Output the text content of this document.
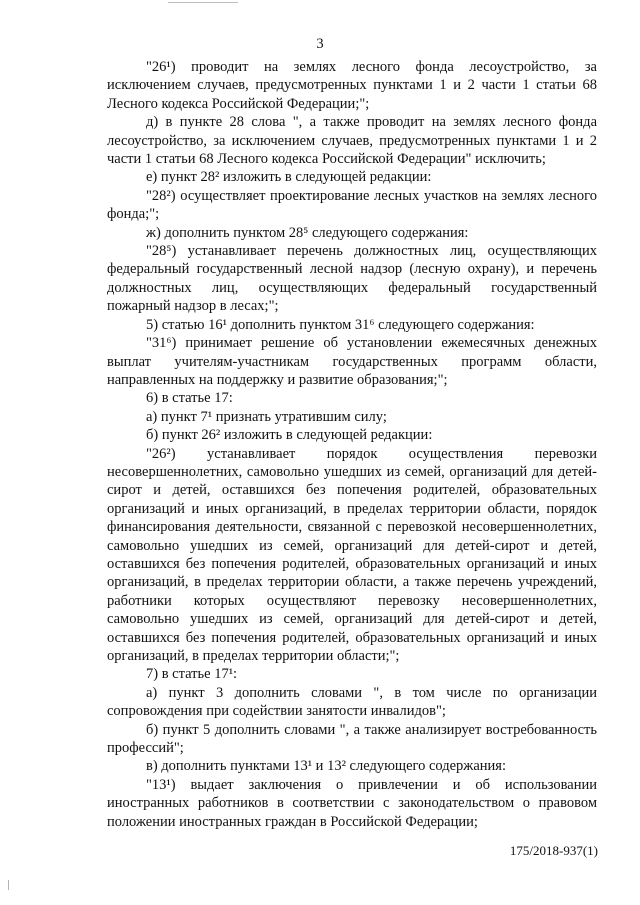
3

"26¹) проводит на землях лесного фонда лесоустройство, за исключением случаев, предусмотренных пунктами 1 и 2 части 1 статьи 68 Лесного кодекса Российской Федерации;";

д) в пункте 28 слова ", а также проводит на землях лесного фонда лесоустройство, за исключением случаев, предусмотренных пунктами 1 и 2 части 1 статьи 68 Лесного кодекса Российской Федерации" исключить;

е) пункт 28² изложить в следующей редакции:

"28²) осуществляет проектирование лесных участков на землях лесного фонда;";

ж) дополнить пунктом 28⁵ следующего содержания:

"28⁵) устанавливает перечень должностных лиц, осуществляющих федеральный государственный лесной надзор (лесную охрану), и перечень должностных лиц, осуществляющих федеральный государственный пожарный надзор в лесах;";

5) статью 16¹ дополнить пунктом 31⁶ следующего содержания:

"31⁶) принимает решение об установлении ежемесячных денежных выплат учителям-участникам государственных программ области, направленных на поддержку и развитие образования;";

6) в статье 17:

а) пункт 7¹ признать утратившим силу;

б) пункт 26² изложить в следующей редакции:

"26²) устанавливает порядок осуществления перевозки несовершеннолетних, самовольно ушедших из семей, организаций для детей-сирот и детей, оставшихся без попечения родителей, образовательных организаций и иных организаций, в пределах территории области, порядок финансирования деятельности, связанной с перевозкой несовершеннолетних, самовольно ушедших из семей, организаций для детей-сирот и детей, оставшихся без попечения родителей, образовательных организаций и иных организаций, в пределах территории области, а также перечень учреждений, работники которых осуществляют перевозку несовершеннолетних, самовольно ушедших из семей, организаций для детей-сирот и детей, оставшихся без попечения родителей, образовательных организаций и иных организаций, в пределах территории области;";

7) в статье 17¹:

а) пункт 3 дополнить словами ", в том числе по организации сопровождения при содействии занятости инвалидов";

б) пункт 5 дополнить словами ", а также анализирует востребованность профессий";

в) дополнить пунктами 13¹ и 13² следующего содержания:

"13¹) выдает заключения о привлечении и об использовании иностранных работников в соответствии с законодательством о правовом положении иностранных граждан в Российской Федерации;

175/2018-937(1)
